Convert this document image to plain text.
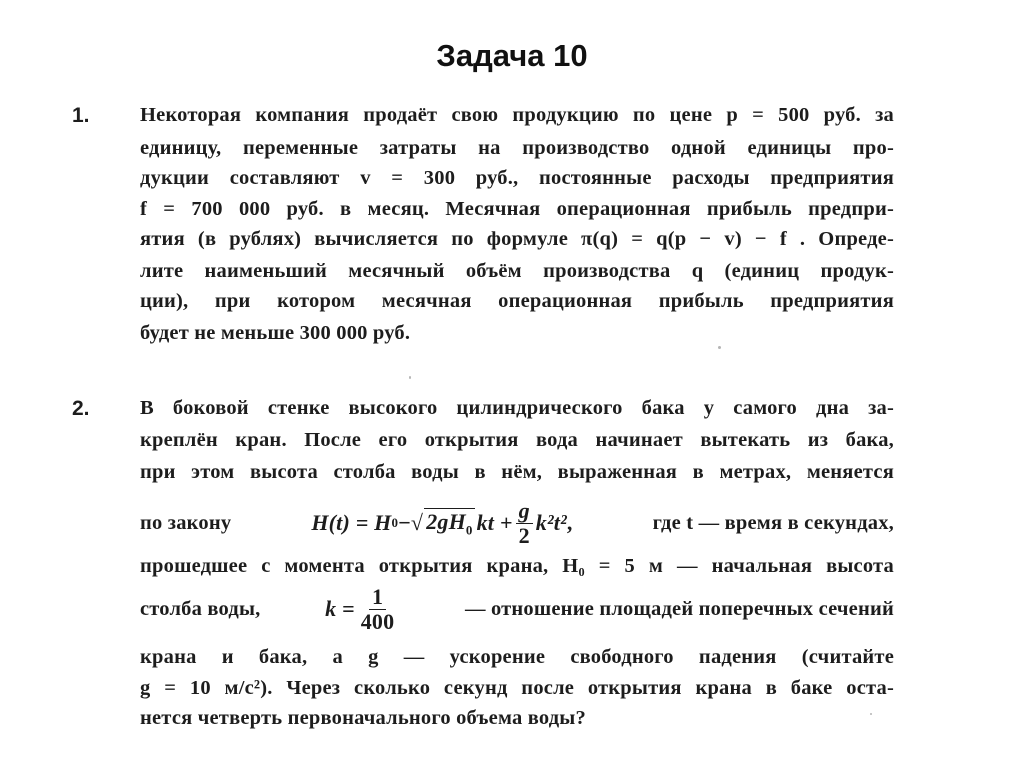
Задача 10
1. Некоторая компания продаёт свою продукцию по цене p = 500 руб. за
единицу, переменные затраты на производство одной единицы про-
дукции составляют v = 300 руб., постоянные расходы предприятия
f = 700 000 руб. в месяц. Месячная операционная прибыль предпри-
ятия (в рублях) вычисляется по формуле π(q) = q(p − v) − f . Опреде-
лите наименьший месячный объём производства q (единиц продук-
ции), при котором месячная операционная прибыль предприятия
будет не меньше 300 000 руб.
2. В боковой стенке высокого цилиндрического бака у самого дна за-
креплён кран. После его открытия вода начинает вытекать из бака,
при этом высота столба воды в нём, выраженная в метрах, меняется
по закону	H(t) = H 0 − √ $2gH_0$ kt + $\frac{g}{2} k^2t^2$ ,	где t — время в секундах,
прошедшее с момента открытия крана, H₀ = 5 м — начальная высота
столба воды,	$k = \frac{1}{400}$	— отношение площадей поперечных сечений
крана и бака, а g — ускорение свободного падения (считайте
g = 10 м/с²). Через сколько секунд после открытия крана в баке оста-
нется четверть первоначального объема воды?
